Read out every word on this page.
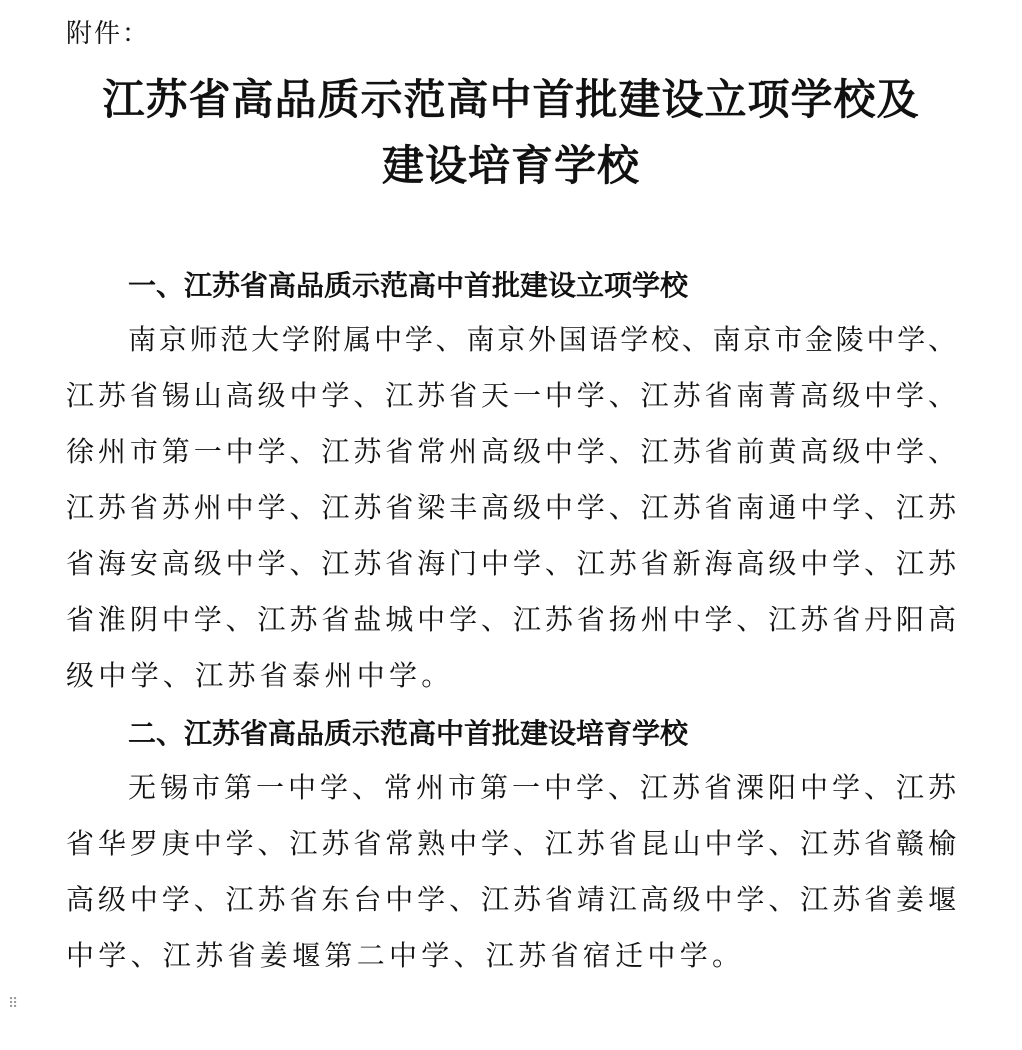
附件：
江苏省高品质示范高中首批建设立项学校及
建设培育学校
一、江苏省高品质示范高中首批建设立项学校
南京师范大学附属中学、南京外国语学校、南京市金陵中学、
江苏省锡山高级中学、江苏省天一中学、江苏省南菁高级中学、
徐州市第一中学、江苏省常州高级中学、江苏省前黄高级中学、
江苏省苏州中学、江苏省梁丰高级中学、江苏省南通中学、江苏
省海安高级中学、江苏省海门中学、江苏省新海高级中学、江苏
省淮阴中学、江苏省盐城中学、江苏省扬州中学、江苏省丹阳高
级中学、江苏省泰州中学。
二、江苏省高品质示范高中首批建设培育学校
无锡市第一中学、常州市第一中学、江苏省溧阳中学、江苏
省华罗庚中学、江苏省常熟中学、江苏省昆山中学、江苏省赣榆
高级中学、江苏省东台中学、江苏省靖江高级中学、江苏省姜堰
中学、江苏省姜堰第二中学、江苏省宿迁中学。
⠿
